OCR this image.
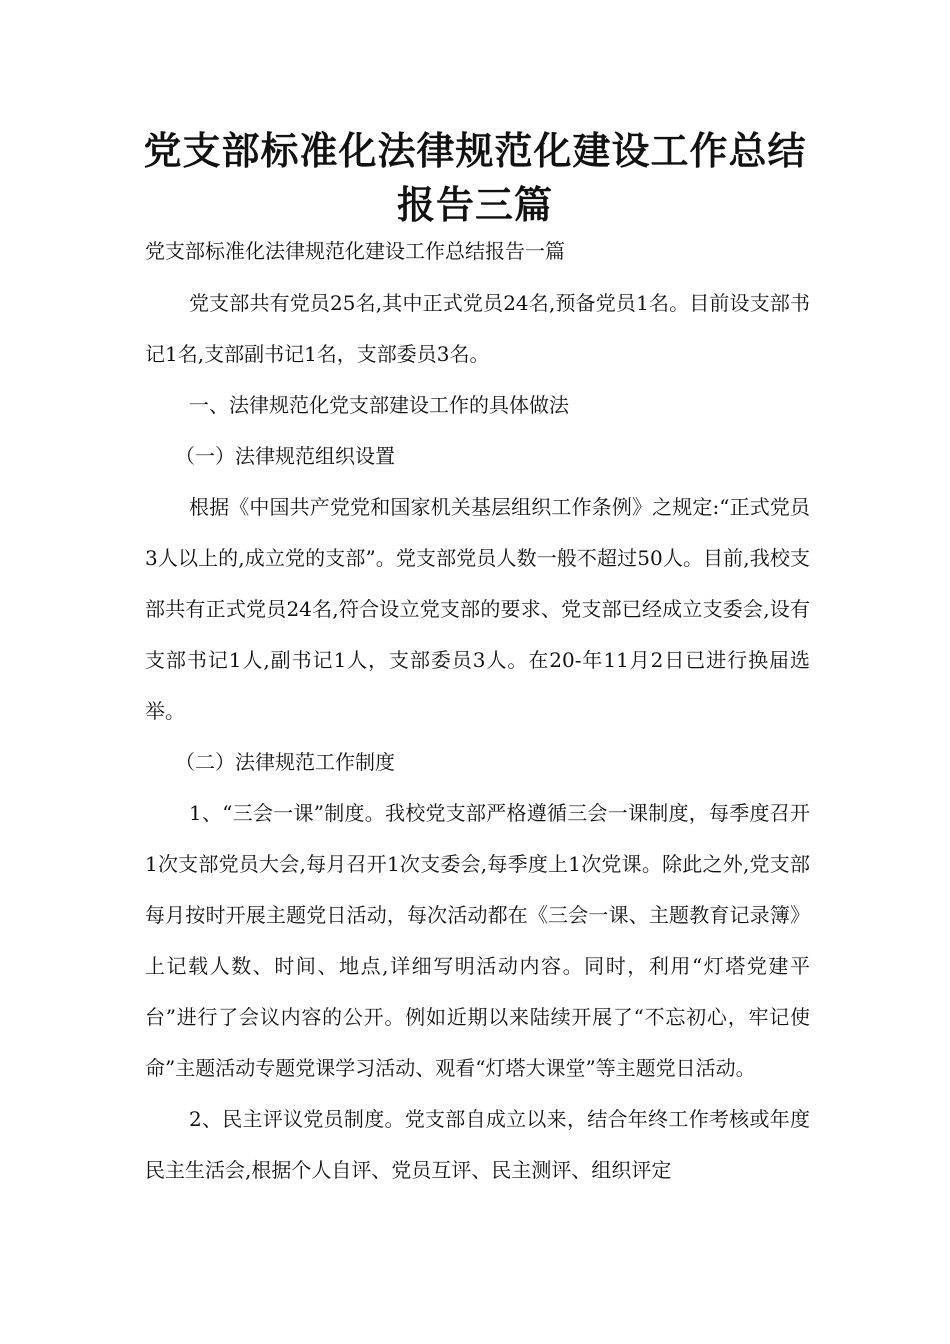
党支部标准化法律规范化建设工作总结
报告三篇

党支部标准化法律规范化建设工作总结报告一篇

党支部共有党员25名,其中正式党员24名,预备党员1名。目前设支部书记1名,支部副书记1名，支部委员3名。

一、法律规范化党支部建设工作的具体做法

（一）法律规范组织设置

根据《中国共产党党和国家机关基层组织工作条例》之规定:“正式党员3人以上的,成立党的支部”。党支部党员人数一般不超过50人。目前,我校支部共有正式党员24名,符合设立党支部的要求、党支部已经成立支委会,设有支部书记1人,副书记1人，支部委员3人。在20-年11月2日已进行换届选举。

（二）法律规范工作制度

1、“三会一课”制度。我校党支部严格遵循三会一课制度，每季度召开1次支部党员大会,每月召开1次支委会,每季度上1次党课。除此之外,党支部每月按时开展主题党日活动，每次活动都在《三会一课、主题教育记录簿》上记载人数、时间、地点,详细写明活动内容。同时，利用“灯塔党建平台”进行了会议内容的公开。例如近期以来陆续开展了“不忘初心，牢记使命”主题活动专题党课学习活动、观看“灯塔大课堂”等主题党日活动。

2、民主评议党员制度。党支部自成立以来，结合年终工作考核或年度民主生活会,根据个人自评、党员互评、民主测评、组织评定
